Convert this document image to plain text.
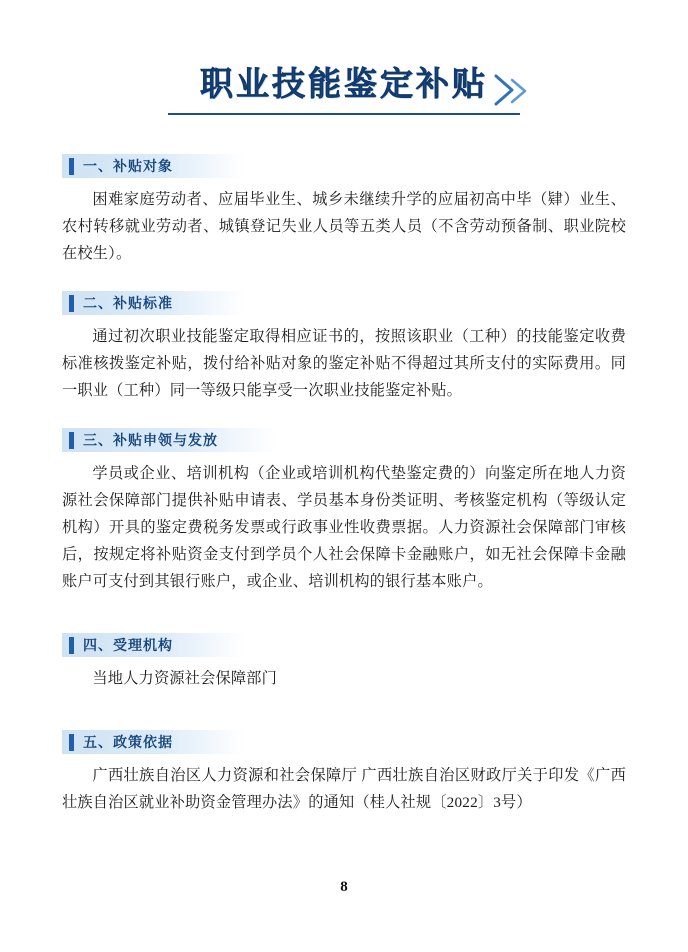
职业技能鉴定补贴
一、补贴对象

困难家庭劳动者、应届毕业生、城乡未继续升学的应届初高中毕（肄）业生、农村转移就业劳动者、城镇登记失业人员等五类人员（不含劳动预备制、职业院校在校生）。

二、补贴标准

通过初次职业技能鉴定取得相应证书的，按照该职业（工种）的技能鉴定收费标准核拨鉴定补贴，拨付给补贴对象的鉴定补贴不得超过其所支付的实际费用。同一职业（工种）同一等级只能享受一次职业技能鉴定补贴。

三、补贴申领与发放

学员或企业、培训机构（企业或培训机构代垫鉴定费的）向鉴定所在地人力资源社会保障部门提供补贴申请表、学员基本身份类证明、考核鉴定机构（等级认定机构）开具的鉴定费税务发票或行政事业性收费票据。人力资源社会保障部门审核后，按规定将补贴资金支付到学员个人社会保障卡金融账户，如无社会保障卡金融账户可支付到其银行账户，或企业、培训机构的银行基本账户。

四、受理机构

当地人力资源社会保障部门

五、政策依据

广西壮族自治区人力资源和社会保障厅 广西壮族自治区财政厅关于印发《广西壮族自治区就业补助资金管理办法》的通知（桂人社规〔2022〕3号）

8
